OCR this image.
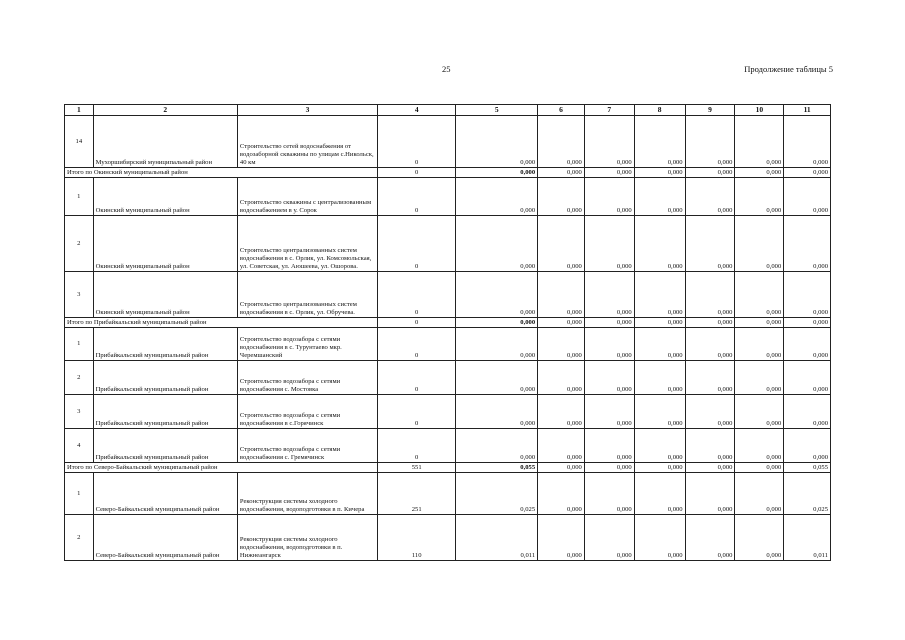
25	Продолжение таблицы 5
1	2	3	4	5	6	7	8	9	10	11
14	Мухоршибирский муниципальный район	Строительство сетей водоснабжения от водозаборной скважины по улицам с.Никольск, 40 км	0	0,000	0,000	0,000	0,000	0,000	0,000	0,000
Итого по Окинский муниципальный район			0	0,000	0,000	0,000	0,000	0,000	0,000	0,000
1	Окинский муниципальный район	Строительство скважины с централизованным водоснабжением в у. Сорок	0	0,000	0,000	0,000	0,000	0,000	0,000	0,000
2	Окинский муниципальный район	Строительство централизованных систем водоснабжения в с. Орлик, ул. Комсомольская, ул. Советская, ул. Аюшеева, ул. Ошорова.	0	0,000	0,000	0,000	0,000	0,000	0,000	0,000
3	Окинский муниципальный район	Строительство централизованных систем водоснабжения в с. Орлик, ул. Обручева.	0	0,000	0,000	0,000	0,000	0,000	0,000	0,000
Итого по Прибайкальский муниципальный район			0	0,000	0,000	0,000	0,000	0,000	0,000	0,000
1	Прибайкальский муниципальный район	Строительство водозабора с сетями водоснабжения в с. Турунтаево мкр. Черемшанский	0	0,000	0,000	0,000	0,000	0,000	0,000	0,000
2	Прибайкальский муниципальный район	Строительство водозабора с сетями водоснабжения с. Мостовка	0	0,000	0,000	0,000	0,000	0,000	0,000	0,000
3	Прибайкальский муниципальный район	Строительство водозабора с сетями водоснабжения в с.Горячинск	0	0,000	0,000	0,000	0,000	0,000	0,000	0,000
4	Прибайкальский муниципальный район	Строительство водозабора с сетями водоснабжения с. Гремячинск	0	0,000	0,000	0,000	0,000	0,000	0,000	0,000
Итого по Северо-Байкальский муниципальный район			551	0,055	0,000	0,000	0,000	0,000	0,000	0,055
1	Северо-Байкальский муниципальный район	Реконструкция системы холодного водоснабжения, водоподготовки в п. Кичера	251	0,025	0,000	0,000	0,000	0,000	0,000	0,025
2	Северо-Байкальский муниципальный район	Реконструкция системы холодного водоснабжения, водоподготовки в п. Нижнеангарск	110	0,011	0,000	0,000	0,000	0,000	0,000	0,011
